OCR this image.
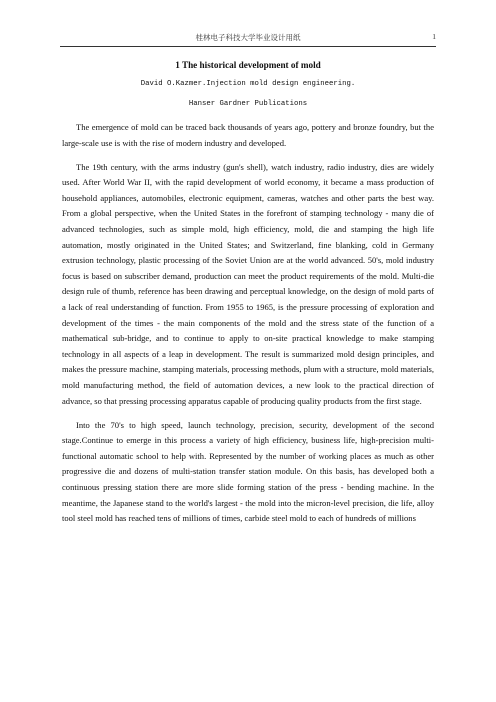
桂林电子科技大学毕业设计用纸	1
1 The historical development of mold
David O.Kazmer.Injection mold design engineering.
Hanser Gardner Publications

The emergence of mold can be traced back thousands of years ago, pottery and bronze foundry, but the large-scale use is with the rise of modern industry and developed.

The 19th century, with the arms industry (gun's shell), watch industry, radio industry, dies are widely used. After World War II, with the rapid development of world economy, it became a mass production of household appliances, automobiles, electronic equipment, cameras, watches and other parts the best way. From a global perspective, when the United States in the forefront of stamping technology - many die of advanced technologies, such as simple mold, high efficiency, mold, die and stamping the high life automation, mostly originated in the United States; and Switzerland, fine blanking, cold in Germany extrusion technology, plastic processing of the Soviet Union are at the world advanced. 50's, mold industry focus is based on subscriber demand, production can meet the product requirements of the mold. Multi-die design rule of thumb, reference has been drawing and perceptual knowledge, on the design of mold parts of a lack of real understanding of function. From 1955 to 1965, is the pressure processing of exploration and development of the times - the main components of the mold and the stress state of the function of a mathematical sub-bridge, and to continue to apply to on-site practical knowledge to make stamping technology in all aspects of a leap in development. The result is summarized mold design principles, and makes the pressure machine, stamping materials, processing methods, plum with a structure, mold materials, mold manufacturing method, the field of automation devices, a new look to the practical direction of advance, so that pressing processing apparatus capable of producing quality products from the first stage.

Into the 70's to high speed, launch technology, precision, security, development of the second stage.Continue to emerge in this process a variety of high efficiency, business life, high-precision multi-functional automatic school to help with. Represented by the number of working places as much as other progressive die and dozens of multi-station transfer station module. On this basis, has developed both a continuous pressing station there are more slide forming station of the press - bending machine. In the meantime, the Japanese stand to the world's largest - the mold into the micron-level precision, die life, alloy tool steel mold has reached tens of millions of times, carbide steel mold to each of hundreds of millions
